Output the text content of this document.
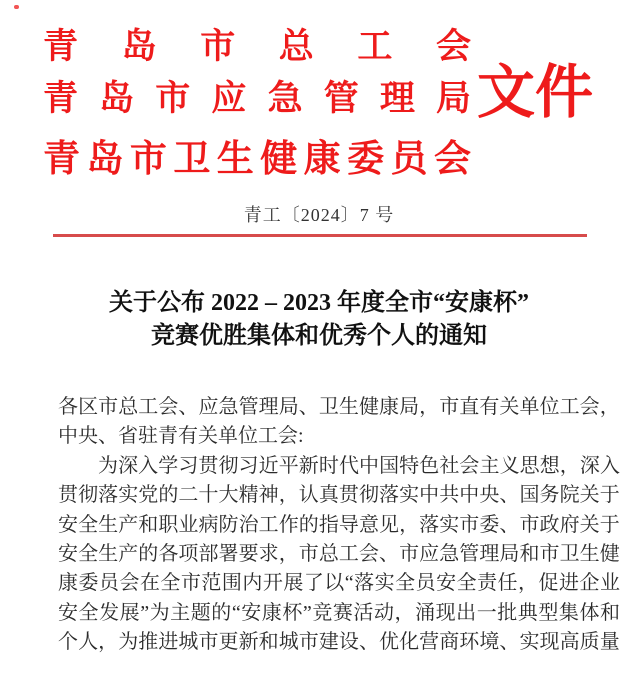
青 岛 市 总 工 会
青 岛 市 应 急 管 理 局
青 岛 市 卫 生 健 康 委 员 会
文件
青工〔2024〕7 号
关于公布 2022 – 2023 年度全市“安康杯”
竞赛优胜集体和优秀个人的通知
各 区 市 总 工 会 、 应 急 管 理 局 、 卫 生 健 康 局 ， 市 直 有 关 单 位 工 会 ，
中央、省驻青有关单位工会:
为 深 入 学 习 贯 彻 习 近 平 新 时 代 中 国 特 色 社 会 主 义 思 想 ， 深 入
贯 彻 落 实 党 的 二 十 大 精 神 ， 认 真 贯 彻 落 实 中 共 中 央 、 国 务 院 关 于
安 全 生 产 和 职 业 病 防 治 工 作 的 指 导 意 见 ， 落 实 市 委 、 市 政 府 关 于
安 全 生 产 的 各 项 部 署 要 求 ， 市 总 工 会 、 市 应 急 管 理 局 和 市 卫 生 健
康 委 员 会 在 全 市 范 围 内 开 展 了 以 “ 落 实 全 员 安 全 责 任 ， 促 进 企 业
安 全 发 展 ” 为 主 题 的 “ 安 康 杯 ” 竞 赛 活 动 ， 涌 现 出 一 批 典 型 集 体 和
个 人 ， 为 推 进 城 市 更 新 和 城 市 建 设 、 优 化 营 商 环 境 、 实 现 高 质 量
